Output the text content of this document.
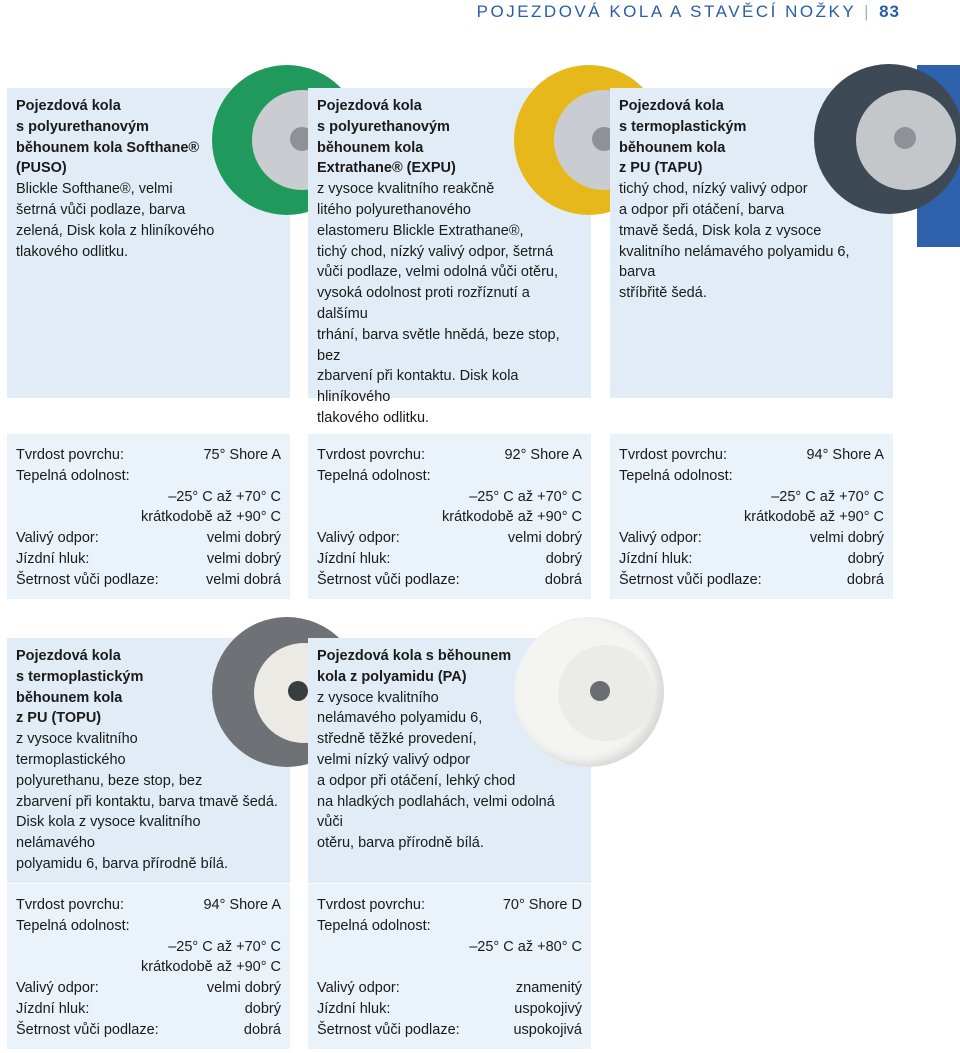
POJEZDOVÁ KOLA A STAVĚCÍ NOŽKY | 83
Pojezdová kola
s polyurethanovým
běhounem kola Softhane®
(PUSO)
Blickle Softhane®, velmi
šetrná vůči podlaze, barva
zelená, Disk kola z hliníkového
tlakového odlitku.
Pojezdová kola
s polyurethanovým
běhounem kola
Extrathane® (EXPU)
z vysoce kvalitního reakčně
litého polyurethanového
elastomeru Blickle Extrathane®,
tichý chod, nízký valivý odpor, šetrná
vůči podlaze, velmi odolná vůči otěru,
vysoká odolnost proti rozříznutí a dalšímu
trhání, barva světle hnědá, beze stop, bez
zbarvení při kontaktu. Disk kola hliníkového
tlakového odlitku.
Pojezdová kola
s termoplastickým
běhounem kola
z PU (TAPU)
tichý chod, nízký valivý odpor
a odpor při otáčení, barva
tmavě šedá, Disk kola z vysoce
kvalitního nelámavého polyamidu 6, barva
stříbřitě šedá.
Tvrdost povrchu:	75° Shore A
Tepelná odolnost:
–25° C až +70° C
krátkodobě až +90° C
Valivý odpor:	velmi dobrý
Jízdní hluk:	velmi dobrý
Šetrnost vůči podlaze:	velmi dobrá
Tvrdost povrchu:	92° Shore A
Tepelná odolnost:
–25° C až +70° C
krátkodobě až +90° C
Valivý odpor:	velmi dobrý
Jízdní hluk:	dobrý
Šetrnost vůči podlaze:	dobrá
Tvrdost povrchu:	94° Shore A
Tepelná odolnost:
–25° C až +70° C
krátkodobě až +90° C
Valivý odpor:	velmi dobrý
Jízdní hluk:	dobrý
Šetrnost vůči podlaze:	dobrá
Pojezdová kola
s termoplastickým
běhounem kola
z PU (TOPU)
z vysoce kvalitního
termoplastického
polyurethanu, beze stop, bez
zbarvení při kontaktu, barva tmavě šedá.
Disk kola z vysoce kvalitního nelámavého
polyamidu 6, barva přírodně bílá.
Pojezdová kola s běhounem
kola z polyamidu (PA)
z vysoce kvalitního
nelámavého polyamidu 6,
středně těžké provedení,
velmi nízký valivý odpor
a odpor při otáčení, lehký chod
na hladkých podlahách, velmi odolná vůči
otěru, barva přírodně bílá.
Tvrdost povrchu:	94° Shore A
Tepelná odolnost:
–25° C až +70° C
krátkodobě až +90° C
Valivý odpor:	velmi dobrý
Jízdní hluk:	dobrý
Šetrnost vůči podlaze:	dobrá
Tvrdost povrchu:	70° Shore D
Tepelná odolnost:
–25° C až +80° C
Valivý odpor:	znamenitý
Jízdní hluk:	uspokojivý
Šetrnost vůči podlaze:	uspokojivá
